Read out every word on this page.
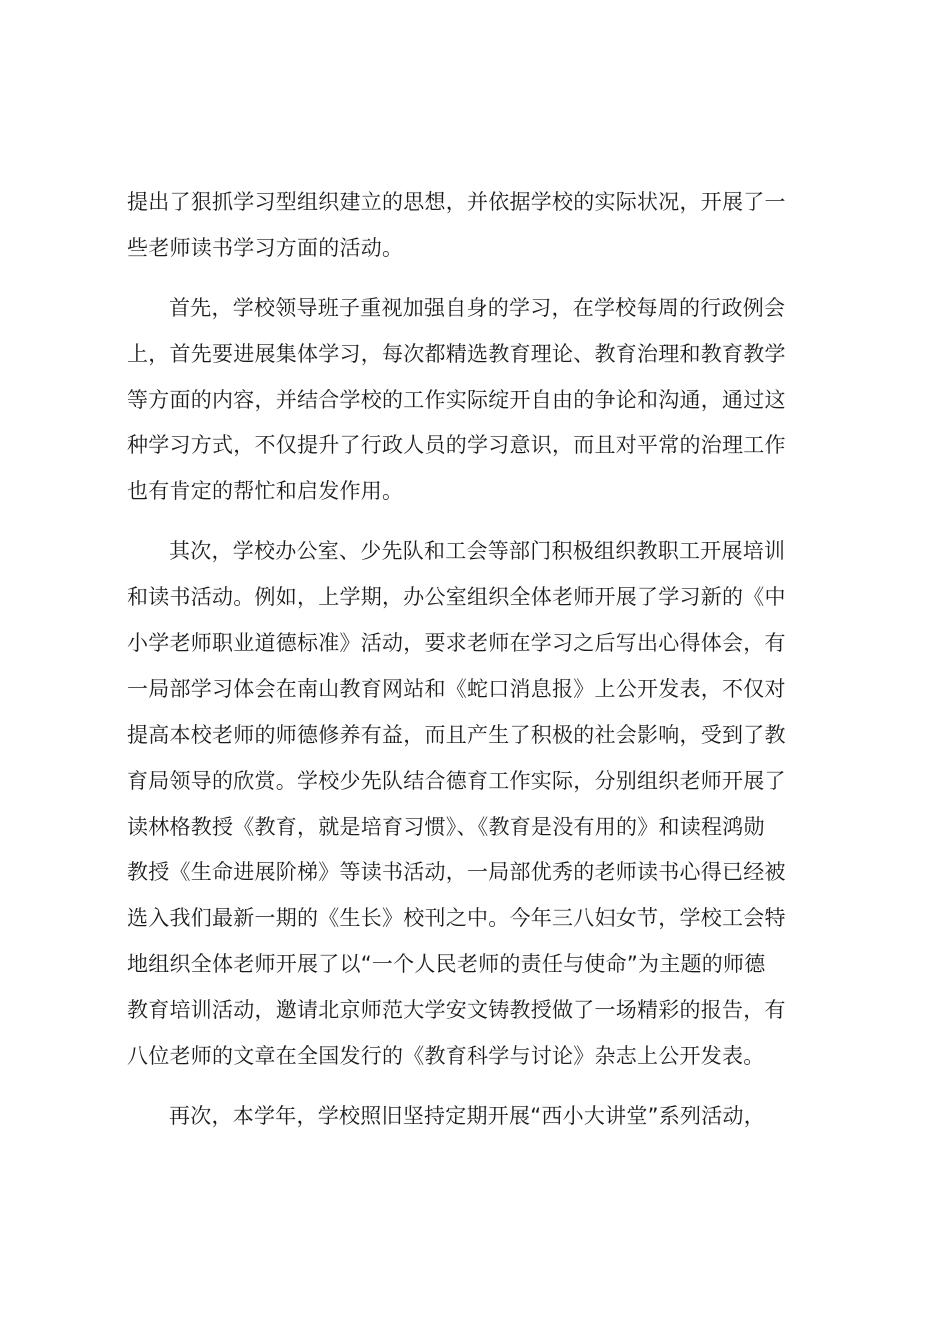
提出了狠抓学习型组织建立的思想，并依据学校的实际状况，开展了一
些老师读书学习方面的活动。
首先，学校领导班子重视加强自身的学习，在学校每周的行政例会
上，首先要进展集体学习，每次都精选教育理论、教育治理和教育教学
等方面的内容，并结合学校的工作实际绽开自由的争论和沟通，通过这
种学习方式，不仅提升了行政人员的学习意识，而且对平常的治理工作
也有肯定的帮忙和启发作用。
其次，学校办公室、少先队和工会等部门积极组织教职工开展培训
和读书活动。例如，上学期，办公室组织全体老师开展了学习新的《中
小学老师职业道德标准》活动，要求老师在学习之后写出心得体会，有
一局部学习体会在南山教育网站和《蛇口消息报》上公开发表，不仅对
提高本校老师的师德修养有益，而且产生了积极的社会影响，受到了教
育局领导的欣赏。学校少先队结合德育工作实际，分别组织老师开展了
读林格教授《教育，就是培育习惯》、《教育是没有用的》和读程鸿勋
教授《生命进展阶梯》等读书活动，一局部优秀的老师读书心得已经被
选入我们最新一期的《生长》校刊之中。今年三八妇女节，学校工会特
地组织全体老师开展了以“一个人民老师的责任与使命”为主题的师德
教育培训活动，邀请北京师范大学安文铸教授做了一场精彩的报告，有
八位老师的文章在全国发行的《教育科学与讨论》杂志上公开发表。
再次，本学年，学校照旧坚持定期开展“西小大讲堂”系列活动，
